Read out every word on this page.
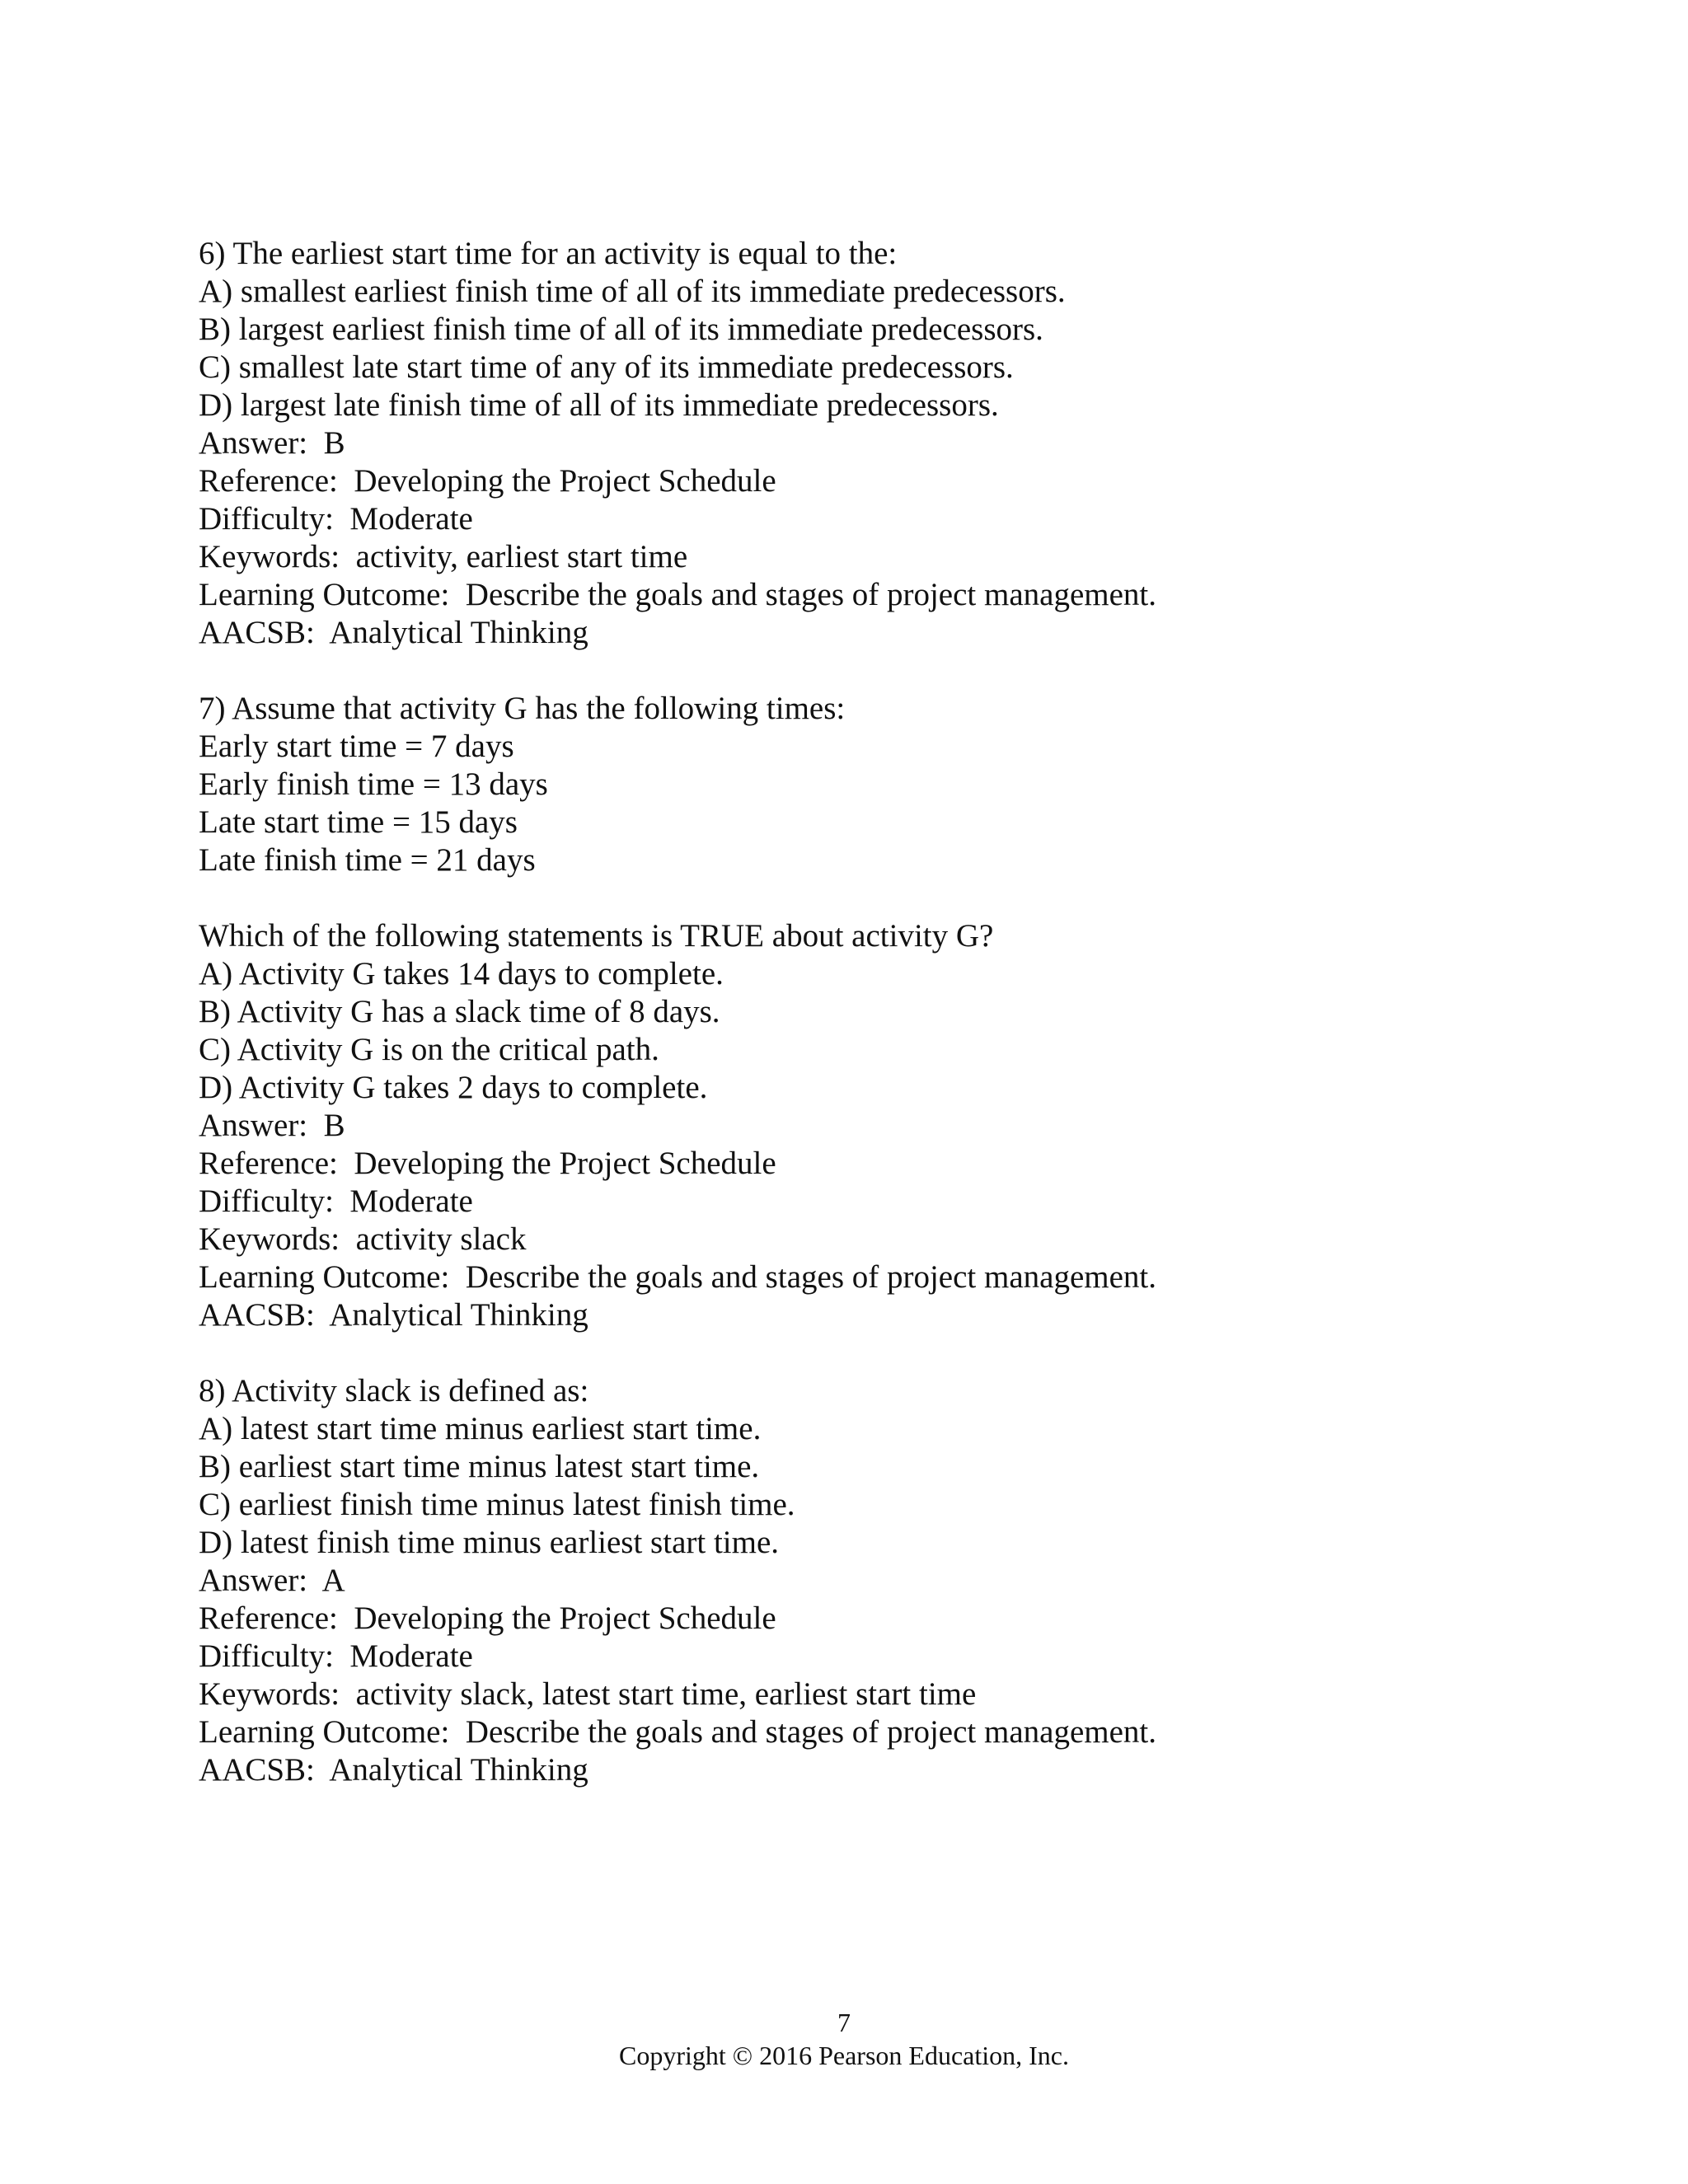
6) The earliest start time for an activity is equal to the:
A) smallest earliest finish time of all of its immediate predecessors.
B) largest earliest finish time of all of its immediate predecessors.
C) smallest late start time of any of its immediate predecessors.
D) largest late finish time of all of its immediate predecessors.
Answer:  B
Reference:  Developing the Project Schedule
Difficulty:  Moderate
Keywords:  activity, earliest start time
Learning Outcome:  Describe the goals and stages of project management.
AACSB:  Analytical Thinking
7) Assume that activity G has the following times:
Early start time = 7 days
Early finish time = 13 days
Late start time = 15 days
Late finish time = 21 days
Which of the following statements is TRUE about activity G?
A) Activity G takes 14 days to complete.
B) Activity G has a slack time of 8 days.
C) Activity G is on the critical path.
D) Activity G takes 2 days to complete.
Answer:  B
Reference:  Developing the Project Schedule
Difficulty:  Moderate
Keywords:  activity slack
Learning Outcome:  Describe the goals and stages of project management.
AACSB:  Analytical Thinking
8) Activity slack is defined as:
A) latest start time minus earliest start time.
B) earliest start time minus latest start time.
C) earliest finish time minus latest finish time.
D) latest finish time minus earliest start time.
Answer:  A
Reference:  Developing the Project Schedule
Difficulty:  Moderate
Keywords:  activity slack, latest start time, earliest start time
Learning Outcome:  Describe the goals and stages of project management.
AACSB:  Analytical Thinking
7
Copyright © 2016 Pearson Education, Inc.
